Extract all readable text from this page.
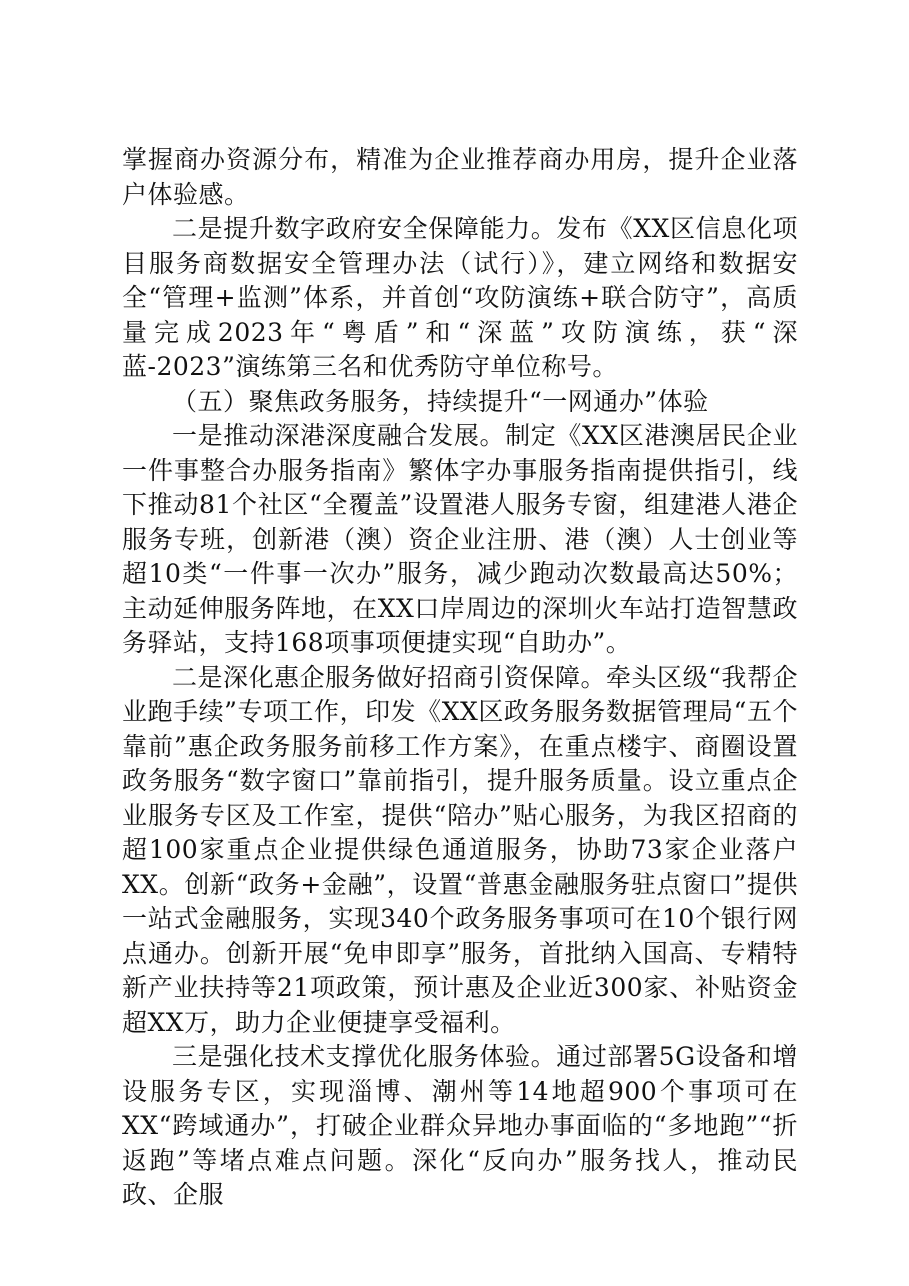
掌握商办资源分布，精准为企业推荐商办用房，提升企业落户体验感。

二是提升数字政府安全保障能力。发布《XX区信息化项目服务商数据安全管理办法（试行）》，建立网络和数据安全“管理+监测”体系，并首创“攻防演练+联合防守”，高质量完成2023年“粤盾”和“深蓝”攻防演练，获“深蓝-2023”演练第三名和优秀防守单位称号。

（五）聚焦政务服务，持续提升“一网通办”体验

一是推动深港深度融合发展。制定《XX区港澳居民企业一件事整合办服务指南》繁体字办事服务指南提供指引，线下推动81个社区“全覆盖”设置港人服务专窗，组建港人港企服务专班，创新港（澳）资企业注册、港（澳）人士创业等超10类“一件事一次办”服务，减少跑动次数最高达50%；主动延伸服务阵地，在XX口岸周边的深圳火车站打造智慧政务驿站，支持168项事项便捷实现“自助办”。

二是深化惠企服务做好招商引资保障。牵头区级“我帮企业跑手续”专项工作，印发《XX区政务服务数据管理局“五个靠前”惠企政务服务前移工作方案》，在重点楼宇、商圈设置政务服务“数字窗口”靠前指引，提升服务质量。设立重点企业服务专区及工作室，提供“陪办”贴心服务，为我区招商的超100家重点企业提供绿色通道服务，协助73家企业落户XX。创新“政务+金融”，设置“普惠金融服务驻点窗口”提供一站式金融服务，实现340个政务服务事项可在10个银行网点通办。创新开展“免申即享”服务，首批纳入国高、专精特新产业扶持等21项政策，预计惠及企业近300家、补贴资金超XX万，助力企业便捷享受福利。

三是强化技术支撑优化服务体验。通过部署5G设备和增设服务专区，实现淄博、潮州等14地超900个事项可在XX“跨域通办”，打破企业群众异地办事面临的“多地跑”“折返跑”等堵点难点问题。深化“反向办”服务找人，推动民政、企服
